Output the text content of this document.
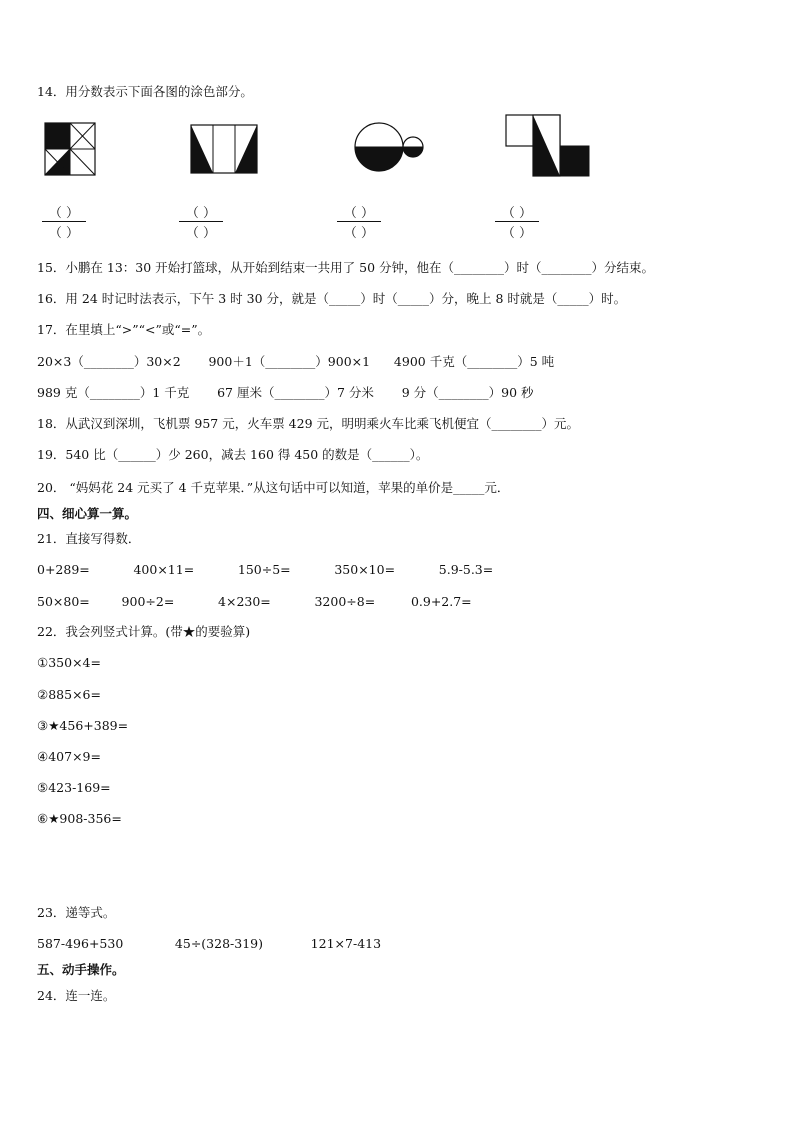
14．用分数表示下面各图的涂色部分。
（ ）
（ ）
（ ）
（ ）
（ ）
（ ）
（ ）
（ ）
15．小鹏在 13：30 开始打篮球，从开始到结束一共用了 50 分钟，他在（________）时（________）分结束。
16．用 24 时记时法表示，下午 3 时 30 分，就是（_____）时（_____）分，晚上 8 时就是（_____）时。
17．在里填上“>”“<”或“=”。
20×3（________）30×2       900＋1（________）900×1      4900 千克（________）5 吨
989 克（________）1 千克       67 厘米（________）7 分米       9 分（________）90 秒
18．从武汉到深圳，飞机票 957 元，火车票 429 元，明明乘火车比乘飞机便宜（________）元。
19．540 比（______）少 260，减去 160 得 450 的数是（______）。
20． “妈妈花 24 元买了 4 千克苹果．”从这句话中可以知道，苹果的单价是_____元．
四、细心算一算。
21．直接写得数．
0+289=           400×11=           150÷5=           350×10=           5.9-5.3=
50×80=        900÷2=           4×230=           3200÷8=         0.9+2.7=
22．我会列竖式计算。(带★的要验算)
①350×4=
②885×6=
③★456+389=
④407×9=
⑤423-169=
⑥★908-356=
23．递等式。
587-496+530             45÷(328-319)            121×7-413
五、动手操作。
24．连一连。
